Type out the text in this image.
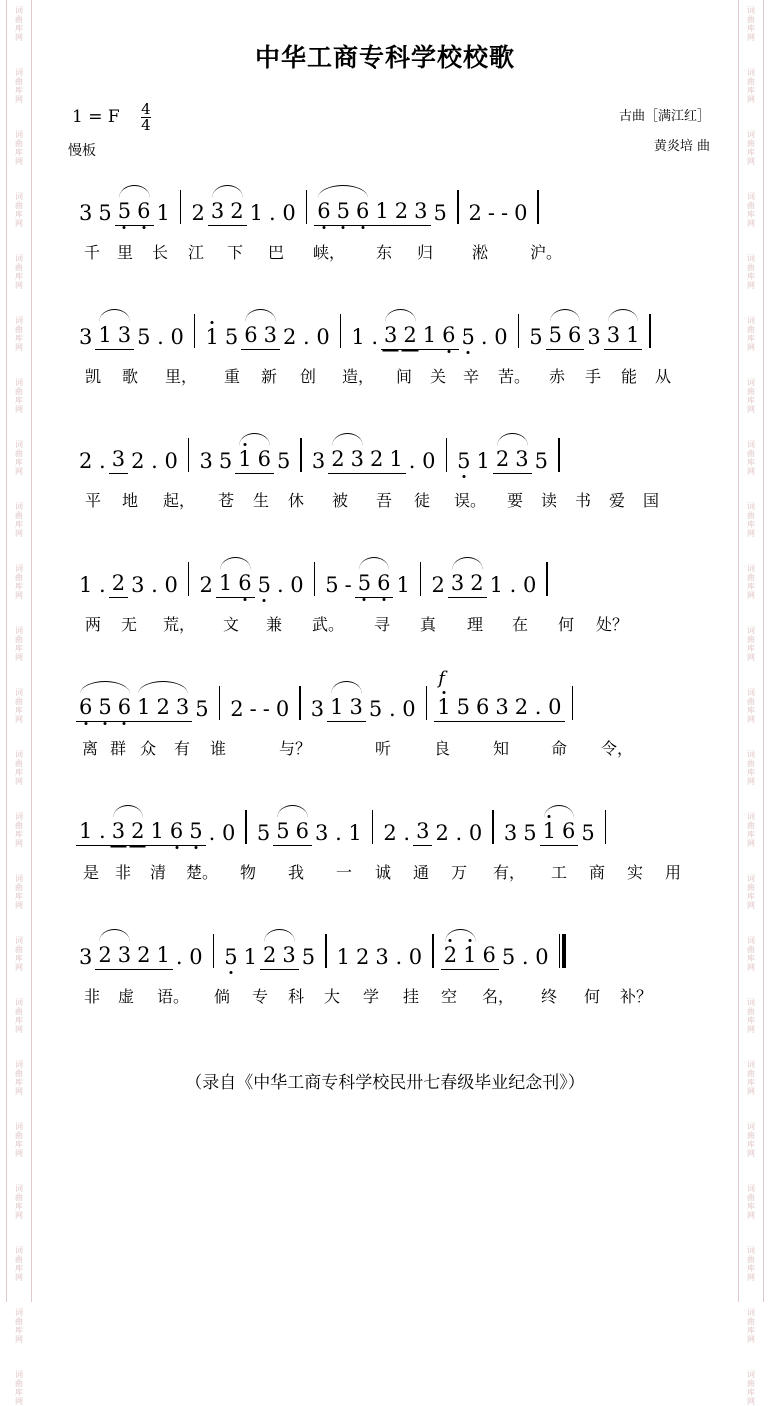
词曲库网
词曲库网
词曲库网
词曲库网
词曲库网
词曲库网
词曲库网
词曲库网
词曲库网
词曲库网
词曲库网
词曲库网
词曲库网
词曲库网
词曲库网
词曲库网
词曲库网
词曲库网
词曲库网
词曲库网
词曲库网
词曲库网
词曲库网
词曲库网
词曲库网
词曲库网
词曲库网
词曲库网
词曲库网
词曲库网
词曲库网
词曲库网
词曲库网
词曲库网
词曲库网
词曲库网
词曲库网
词曲库网
词曲库网
词曲库网
词曲库网
词曲库网
词曲库网
词曲库网
词曲库网
词曲库网
中华工商专科学校校歌
1 = F $\frac{4}{4}$
慢板
古曲［满江红］
黄炎培 曲
3 5 5 6 1 2 3 2 1 . 0 6 5 6 1 2 3 5 2 - - 0
千	里	长	江	下	巴	峡，	东	归	淞	沪。
3 1 3 5 . 0 1 5 6 3 2 . 0 1 . 3 2 1 6 5 . 0 5 5 6 3 3 1
凯	歌	里，	重	新	创	造，	间	关	辛	苦。	赤	手	能	从
2 . 3 2 . 0 3 5 1 6 5 3 2 3 2 1 . 0 5 1 2 3 5
平	地	起，	苍	生	休	被	吾	徒	误。	要	读	书	爱	国
1 . 2 3 . 0 2 1 6 5 . 0 5 - 5 6 1 2 3 2 1 . 0
两	无	荒，	文	兼	武。	寻	真	理	在	何	处？
6 5 6 1 2 3 5 2 - - 0 3 1 3 5 . 0
f
1 5 6 3 2 . 0
离 群 众	有	谁	与？	听	良	知	命	令，
1 . 3 2 1 6 5 . 0 5 5 6 3 . 1 2 . 3 2 . 0 3 5 1 6 5
是 非	清	楚。	物	我	一	诚	通	万	有，	工	商	实	用
3 2 3 2 1 . 0 5 1 2 3 5 1 2 3 . 0 2 1 6 5 . 0
非	虚	语。	倘	专	科	大	学	挂	空	名，	终	何	补？
（录自《中华工商专科学校民卅七春级毕业纪念刊》）
